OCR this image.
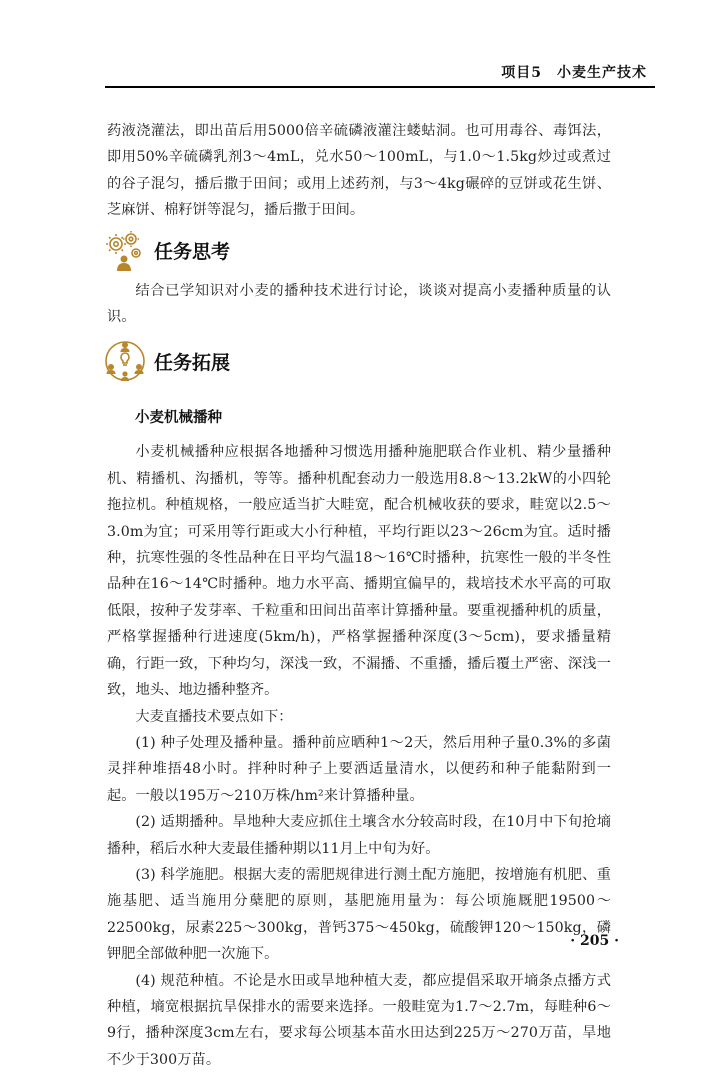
项目5　小麦生产技术

药液浇灌法，即出苗后用5000倍辛硫磷液灌注蝼蛄洞。也可用毒谷、毒饵法，即用50%辛硫磷乳剂3～4mL，兑水50～100mL，与1.0～1.5kg炒过或煮过的谷子混匀，播后撒于田间；或用上述药剂，与3～4kg碾碎的豆饼或花生饼、芝麻饼、棉籽饼等混匀，播后撒于田间。

任务思考

结合已学知识对小麦的播种技术进行讨论，谈谈对提高小麦播种质量的认识。

任务拓展
小麦机械播种

小麦机械播种应根据各地播种习惯选用播种施肥联合作业机、精少量播种机、精播机、沟播机，等等。播种机配套动力一般选用8.8～13.2kW的小四轮拖拉机。种植规格，一般应适当扩大畦宽，配合机械收获的要求，畦宽以2.5～3.0m为宜；可采用等行距或大小行种植，平均行距以23～26cm为宜。适时播种，抗寒性强的冬性品种在日平均气温18～16℃时播种，抗寒性一般的半冬性品种在16～14℃时播种。地力水平高、播期宜偏早的，栽培技术水平高的可取低限，按种子发芽率、千粒重和田间出苗率计算播种量。要重视播种机的质量，严格掌握播种行进速度(5km/h)，严格掌握播种深度(3～5cm)，要求播量精确，行距一致，下种均匀，深浅一致，不漏播、不重播，播后覆土严密、深浅一致，地头、地边播种整齐。

大麦直播技术要点如下：

(1) 种子处理及播种量。播种前应晒种1～2天，然后用种子量0.3%的多菌灵拌种堆捂48小时。拌种时种子上要洒适量清水，以便药和种子能黏附到一起。一般以195万～210万株/hm²来计算播种量。

(2) 适期播种。旱地种大麦应抓住土壤含水分较高时段，在10月中下旬抢墒播种，稻后水种大麦最佳播种期以11月上中旬为好。

(3) 科学施肥。根据大麦的需肥规律进行测土配方施肥，按增施有机肥、重施基肥、适当施用分蘖肥的原则，基肥施用量为：每公顷施厩肥19500～22500kg，尿素225～300kg，普钙375～450kg，硫酸钾120～150kg，磷钾肥全部做种肥一次施下。

(4) 规范种植。不论是水田或旱地种植大麦，都应提倡采取开墒条点播方式种植，墒宽根据抗旱保排水的需要来选择。一般畦宽为1.7～2.7m，每畦种6～9行，播种深度3cm左右，要求每公顷基本苗水田达到225万～270万苗，旱地不少于300万苗。

· 205 ·
